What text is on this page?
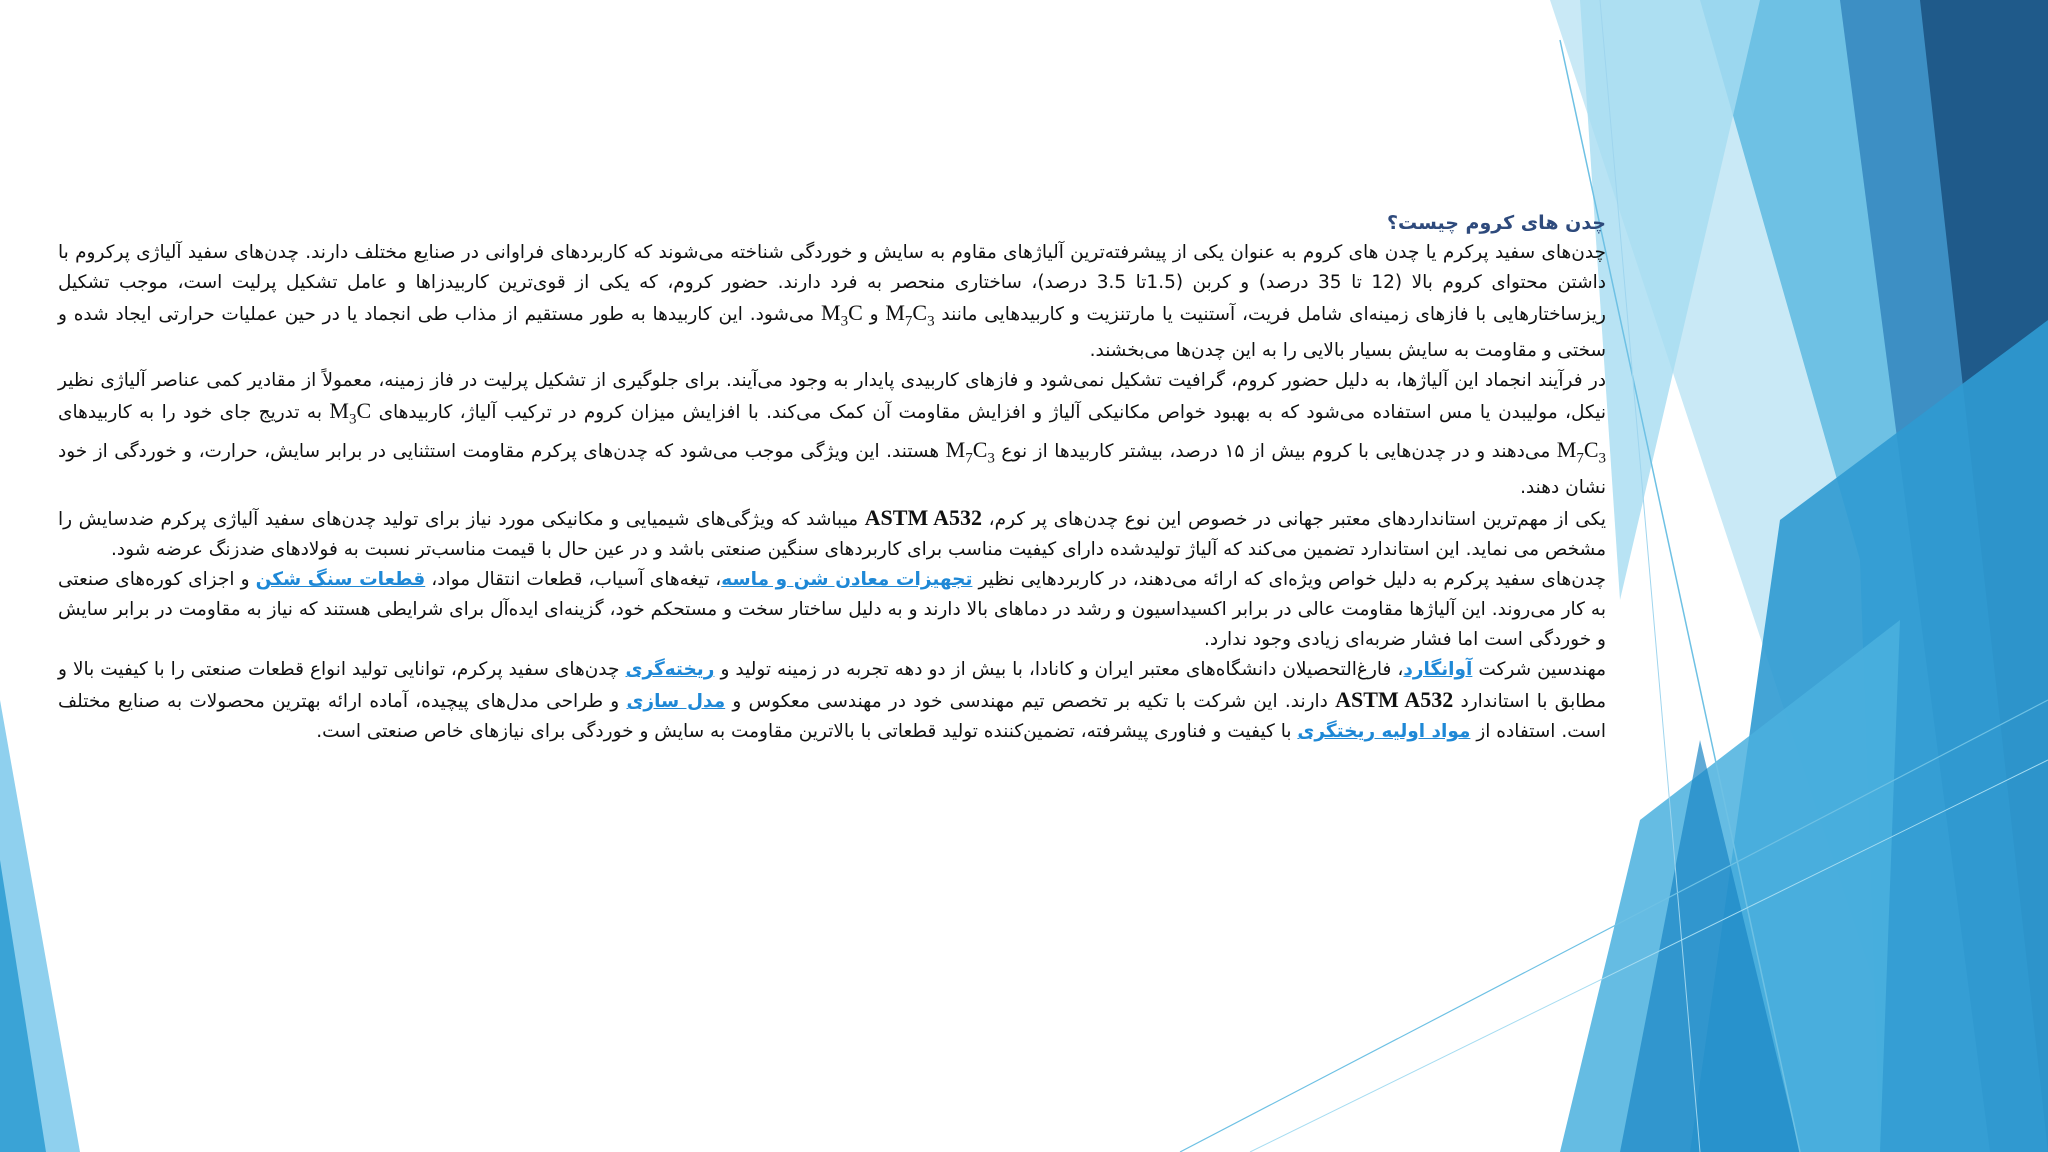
چدن های کروم چیست؟

چدن‌های سفید پرکرم یا چدن های کروم به عنوان یکی از پیشرفته‌ترین آلیاژ‌های مقاوم به سایش و خوردگی شناخته می‌شوند که کاربردهای فراوانی در صنایع مختلف دارند. چدن‌های سفید آلیاژی پرکروم با داشتن محتوای کروم بالا (12 تا 35 درصد) و کربن (1.5تا 3.5 درصد)، ساختاری منحصر به فرد دارند. حضور کروم، که یکی از قوی‌ترین کاربیدزاها و عامل تشکیل پرلیت است، موجب تشکیل ریزساختارهایی با فازهای زمینه‌ای شامل فریت، آستنیت یا مارتنزیت و کاربیدهایی مانند $M_7C_3$ و $M_3C$ می‌شود. این کاربیدها به طور مستقیم از مذاب طی انجماد یا در حین عملیات حرارتی ایجاد شده و سختی و مقاومت به سایش بسیار بالایی را به این چدن‌ها می‌بخشند.

در فرآیند انجماد این آلیاژها، به دلیل حضور کروم، گرافیت تشکیل نمی‌شود و فازهای کاربیدی پایدار به وجود می‌آیند. برای جلوگیری از تشکیل پرلیت در فاز زمینه، معمولاً از مقادیر کمی عناصر آلیاژی نظیر نیکل، مولیبدن یا مس استفاده می‌شود که به بهبود خواص مکانیکی آلیاژ و افزایش مقاومت آن کمک می‌کند. با افزایش میزان کروم در ترکیب آلیاژ، کاربیدهای $M_3C$ به تدریج جای خود را به کاربیدهای $M_7C_3$ می‌دهند و در چدن‌هایی با کروم بیش از ۱۵ درصد، بیشتر کاربیدها از نوع $M_7C_3$ هستند. این ویژگی موجب می‌شود که چدن‌های پرکرم مقاومت استثنایی در برابر سایش، حرارت، و خوردگی از خود نشان دهند.

یکی از مهم‌ترین استانداردهای معتبر جهانی در خصوص این نوع چدن‌های پر کرم، ASTM A532 میباشد که ویژگی‌های شیمیایی و مکانیکی مورد نیاز برای تولید چدن‌های سفید آلیاژی پرکرم ضدسایش را مشخص می نماید. این استاندارد تضمین می‌کند که آلیاژ تولیدشده دارای کیفیت مناسب برای کاربردهای سنگین صنعتی باشد و در عین حال با قیمت مناسب‌تر نسبت به فولادهای ضدزنگ عرضه شود.

چدن‌های سفید پرکرم به دلیل خواص ویژه‌ای که ارائه می‌دهند، در کاربردهایی نظیر تجهیزات معادن شن و ماسه، تیغه‌های آسیاب، قطعات انتقال مواد، قطعات سنگ شکن و اجزای کوره‌های صنعتی به کار می‌روند. این آلیاژها مقاومت عالی در برابر اکسیداسیون و رشد در دماهای بالا دارند و به دلیل ساختار سخت و مستحکم خود، گزینه‌ای ایده‌آل برای شرایطی هستند که نیاز به مقاومت در برابر سایش و خوردگی است اما فشار ضربه‌ای زیادی وجود ندارد.

مهندسین شرکت آوانگارد، فارغ‌التحصیلان دانشگاه‌های معتبر ایران و کانادا، با بیش از دو دهه تجربه در زمینه تولید و ریخته‌گری چدن‌های سفید پرکرم، توانایی تولید انواع قطعات صنعتی را با کیفیت بالا و مطابق با استاندارد ASTM A532 دارند. این شرکت با تکیه بر تخصص تیم مهندسی خود در مهندسی معکوس و مدل سازی و طراحی مدل‌های پیچیده، آماده ارائه بهترین محصولات به صنایع مختلف است. استفاده از مواد اولیه ریختگری با کیفیت و فناوری پیشرفته، تضمین‌کننده تولید قطعاتی با بالاترین مقاومت به سایش و خوردگی برای نیازهای خاص صنعتی است.
